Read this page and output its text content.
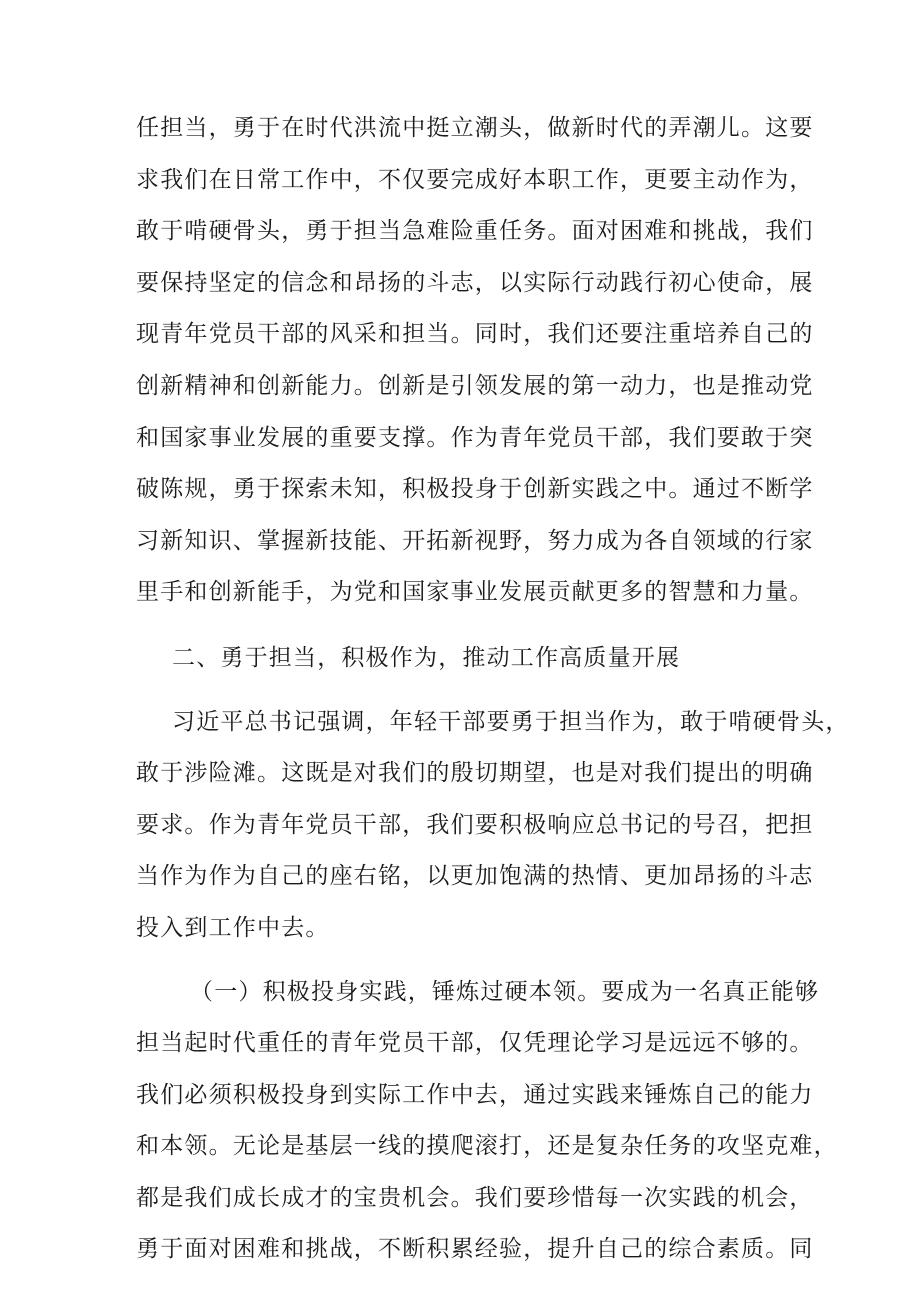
任担当，勇于在时代洪流中挺立潮头，做新时代的弄潮儿。这要
求我们在日常工作中，不仅要完成好本职工作，更要主动作为，
敢于啃硬骨头，勇于担当急难险重任务。面对困难和挑战，我们
要保持坚定的信念和昂扬的斗志，以实际行动践行初心使命，展
现青年党员干部的风采和担当。同时，我们还要注重培养自己的
创新精神和创新能力。创新是引领发展的第一动力，也是推动党
和国家事业发展的重要支撑。作为青年党员干部，我们要敢于突
破陈规，勇于探索未知，积极投身于创新实践之中。通过不断学
习新知识、掌握新技能、开拓新视野，努力成为各自领域的行家
里手和创新能手，为党和国家事业发展贡献更多的智慧和力量。
二、勇于担当，积极作为，推动工作高质量开展
习近平总书记强调，年轻干部要勇于担当作为，敢于啃硬骨头，
敢于涉险滩。这既是对我们的殷切期望，也是对我们提出的明确
要求。作为青年党员干部，我们要积极响应总书记的号召，把担
当作为作为自己的座右铭，以更加饱满的热情、更加昂扬的斗志
投入到工作中去。
（一）积极投身实践，锤炼过硬本领。要成为一名真正能够
担当起时代重任的青年党员干部，仅凭理论学习是远远不够的。
我们必须积极投身到实际工作中去，通过实践来锤炼自己的能力
和本领。无论是基层一线的摸爬滚打，还是复杂任务的攻坚克难，
都是我们成长成才的宝贵机会。我们要珍惜每一次实践的机会，
勇于面对困难和挑战，不断积累经验，提升自己的综合素质。同
